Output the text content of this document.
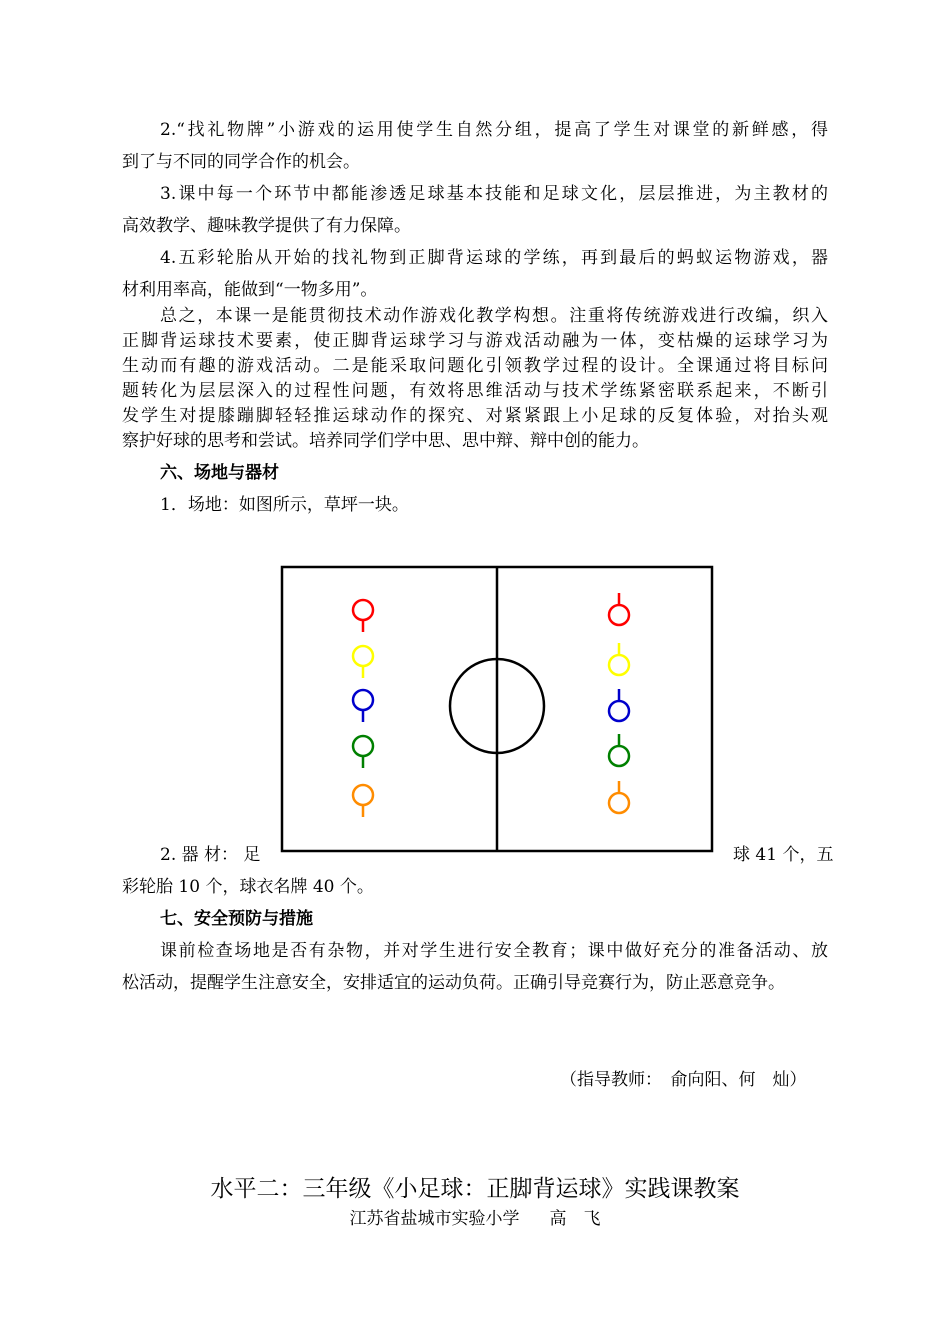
2.“找礼物牌”小游戏的运用使学生自然分组，提高了学生对课堂的新鲜感，得
到了与不同的同学合作的机会。
3.课中每一个环节中都能渗透足球基本技能和足球文化，层层推进，为主教材的
高效教学、趣味教学提供了有力保障。
4.五彩轮胎从开始的找礼物到正脚背运球的学练，再到最后的蚂蚁运物游戏，器
材利用率高，能做到“一物多用”。
总之，本课一是能贯彻技术动作游戏化教学构想。注重将传统游戏进行改编，织入
正脚背运球技术要素，使正脚背运球学习与游戏活动融为一体，变枯燥的运球学习为
生动而有趣的游戏活动。二是能采取问题化引领教学过程的设计。全课通过将目标问
题转化为层层深入的过程性问题，有效将思维活动与技术学练紧密联系起来，不断引
发学生对提膝蹦脚轻轻推运球动作的探究、对紧紧跟上小足球的反复体验，对抬头观
察护好球的思考和尝试。培养同学们学中思、思中辩、辩中创的能力。
六、场地与器材
1．场地：如图所示，草坪一块。
2. 器 材： 足	球 41 个，五
彩轮胎 10 个，球衣名牌 40 个。
七、安全预防与措施
课前检查场地是否有杂物，并对学生进行安全教育；课中做好充分的准备活动、放
松活动，提醒学生注意安全，安排适宜的运动负荷。正确引导竞赛行为，防止恶意竞争。
（指导教师：　俞向阳、何　灿）
水平二：三年级《小足球：正脚背运球》实践课教案
江苏省盐城市实验小学 高　飞
